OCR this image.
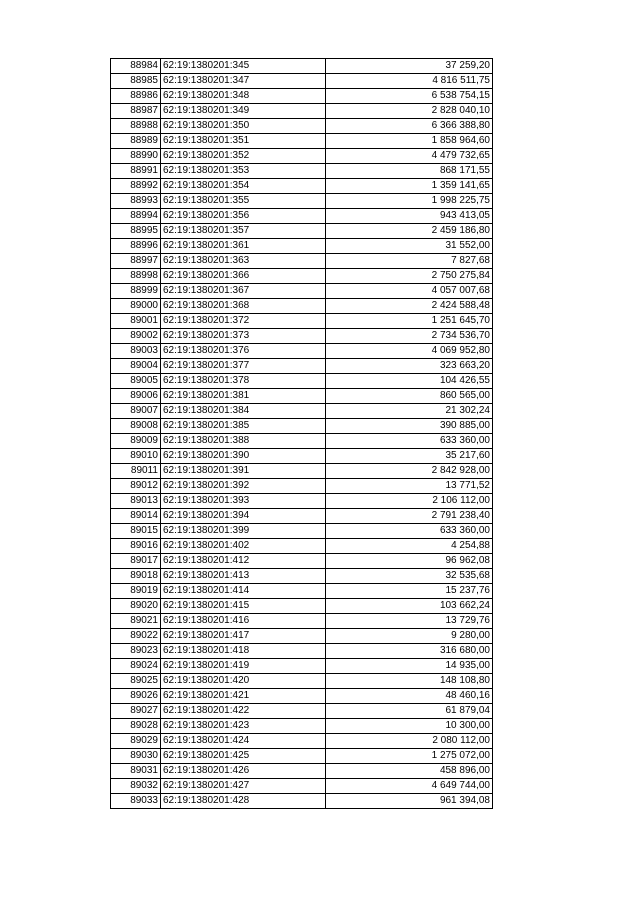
88984	62:19:1380201:345	37 259,20
88985	62:19:1380201:347	4 816 511,75
88986	62:19:1380201:348	6 538 754,15
88987	62:19:1380201:349	2 828 040,10
88988	62:19:1380201:350	6 366 388,80
88989	62:19:1380201:351	1 858 964,60
88990	62:19:1380201:352	4 479 732,65
88991	62:19:1380201:353	868 171,55
88992	62:19:1380201:354	1 359 141,65
88993	62:19:1380201:355	1 998 225,75
88994	62:19:1380201:356	943 413,05
88995	62:19:1380201:357	2 459 186,80
88996	62:19:1380201:361	31 552,00
88997	62:19:1380201:363	7 827,68
88998	62:19:1380201:366	2 750 275,84
88999	62:19:1380201:367	4 057 007,68
89000	62:19:1380201:368	2 424 588,48
89001	62:19:1380201:372	1 251 645,70
89002	62:19:1380201:373	2 734 536,70
89003	62:19:1380201:376	4 069 952,80
89004	62:19:1380201:377	323 663,20
89005	62:19:1380201:378	104 426,55
89006	62:19:1380201:381	860 565,00
89007	62:19:1380201:384	21 302,24
89008	62:19:1380201:385	390 885,00
89009	62:19:1380201:388	633 360,00
89010	62:19:1380201:390	35 217,60
89011	62:19:1380201:391	2 842 928,00
89012	62:19:1380201:392	13 771,52
89013	62:19:1380201:393	2 106 112,00
89014	62:19:1380201:394	2 791 238,40
89015	62:19:1380201:399	633 360,00
89016	62:19:1380201:402	4 254,88
89017	62:19:1380201:412	96 962,08
89018	62:19:1380201:413	32 535,68
89019	62:19:1380201:414	15 237,76
89020	62:19:1380201:415	103 662,24
89021	62:19:1380201:416	13 729,76
89022	62:19:1380201:417	9 280,00
89023	62:19:1380201:418	316 680,00
89024	62:19:1380201:419	14 935,00
89025	62:19:1380201:420	148 108,80
89026	62:19:1380201:421	48 460,16
89027	62:19:1380201:422	61 879,04
89028	62:19:1380201:423	10 300,00
89029	62:19:1380201:424	2 080 112,00
89030	62:19:1380201:425	1 275 072,00
89031	62:19:1380201:426	458 896,00
89032	62:19:1380201:427	4 649 744,00
89033	62:19:1380201:428	961 394,08
